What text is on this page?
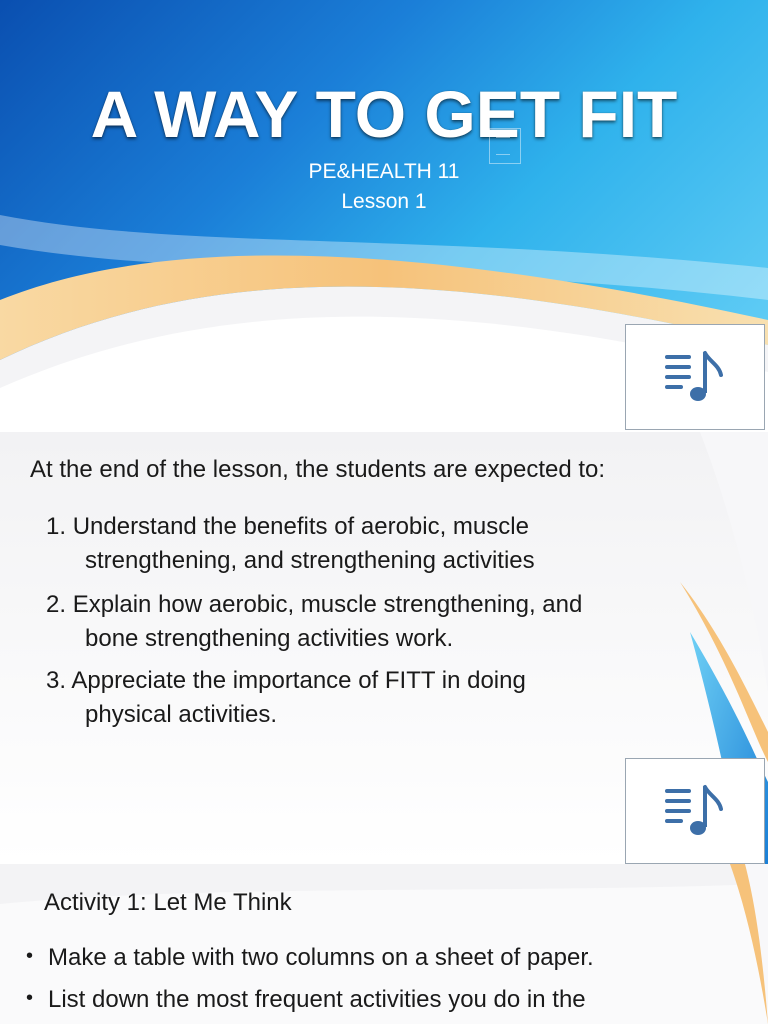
A WAY TO GET FIT
PE&HEALTH 11
Lesson 1
At the end of the lesson, the students are expected to:
1. Understand the benefits of aerobic, muscle
strengthening, and strengthening activities
2. Explain how aerobic, muscle strengthening, and
bone strengthening activities work.
3. Appreciate the importance of FITT in doing
physical activities.
Activity 1: Let Me Think
• Make a table with two columns on a sheet of paper.
• List down the most frequent activities you do in the
